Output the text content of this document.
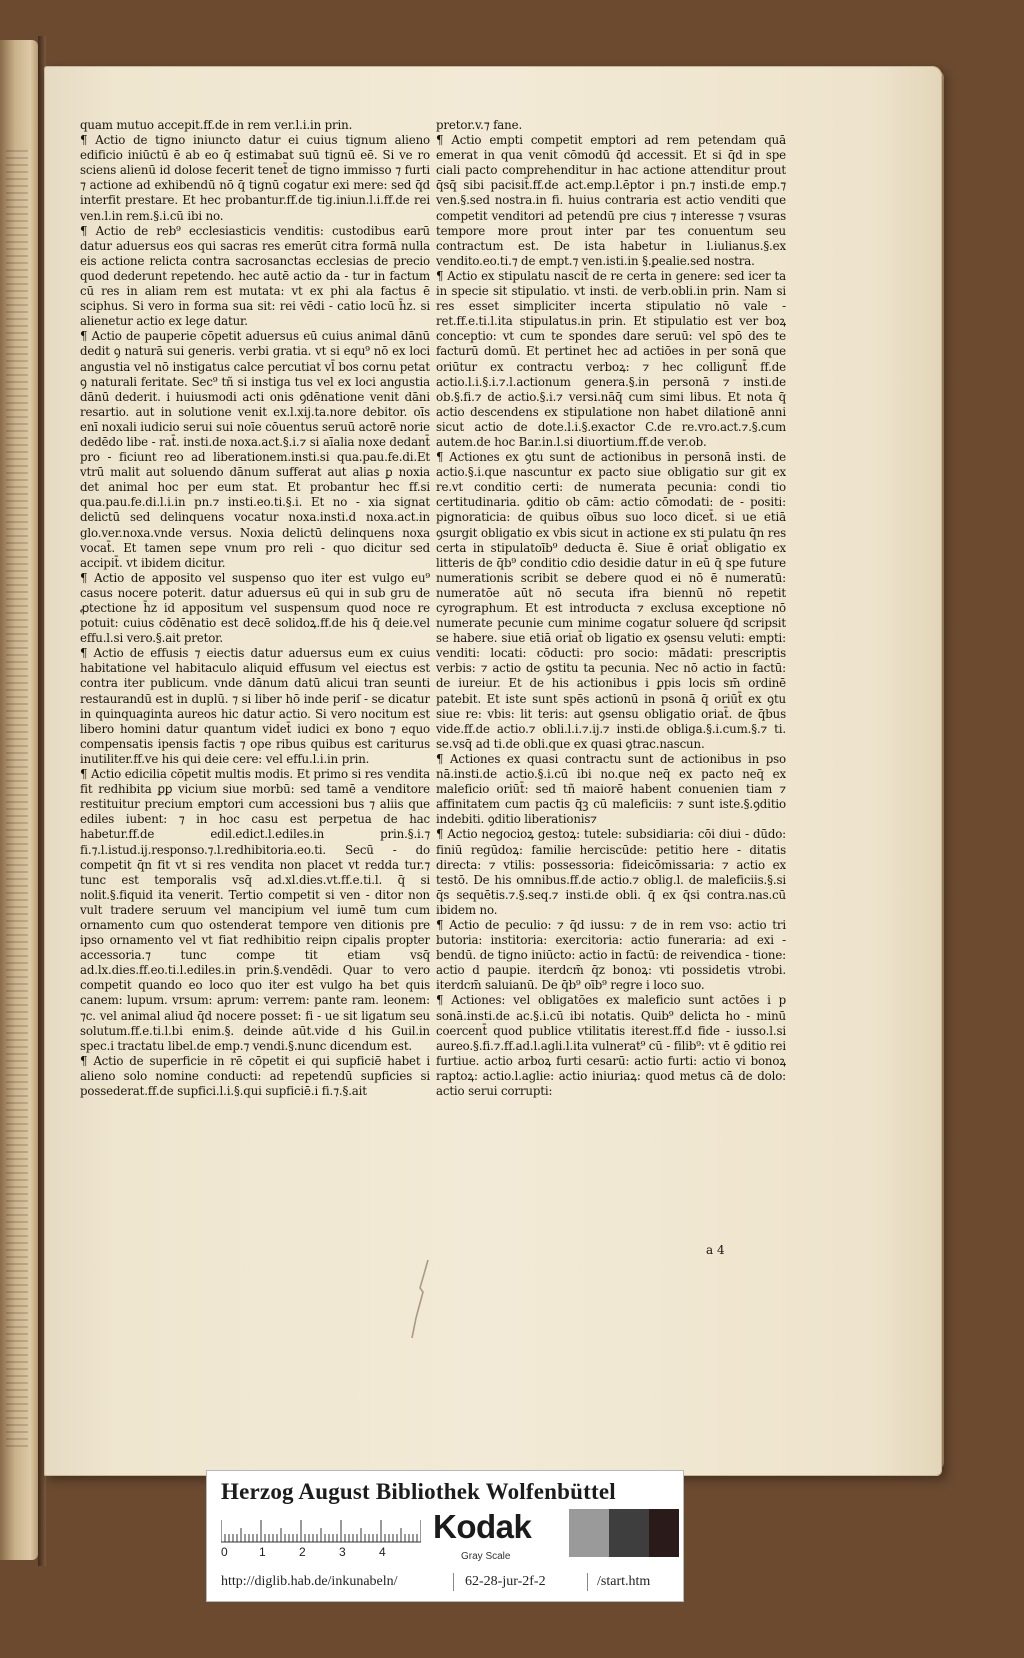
quam mutuo accepit.ff.de in rem ver.l.i.in prin.
¶ Actio de tigno iniuncto datur ei cuius tignum alieno edificio iniūctū ē ab eo q̄ estimabat suū tignū eē. Si ve ro sciens alienū id dolose fecerit tenet̄ de tigno immisso ⁊ furti ⁊ actione ad exhibendū nō q̄ tignū cogatur exi mere: sed q̄d interfit prestare. Et hec probantur.ff.de tig.iniun.l.i.ff.de rei ven.l.in rem.§.i.cū ibi no.
¶ Actio de reb⁹ ecclesiasticis venditis: custodibus earū datur aduersus eos qui sacras res emerūt citra formā nulla eis actione relicta contra sacrosanctas ecclesias de precio quod dederunt repetendo. hec autē actio da - tur in factum cū res in aliam rem est mutata: vt ex phi ala factus ē sciphus. Si vero in forma sua sit: rei vēdi - catio locū h̄z. si alienetur actio ex lege datur.
¶ Actio de pauperie cōpetit aduersus eū cuius animal dānū dedit ꝯ naturā sui generis. verbi gratia. vt si equ⁹ nō ex loci angustia vel nō instigatus calce percutiat vl̄ bos cornu petat ꝯ naturali feritate. Sec⁹ tñ si instiga tus vel ex loci angustia dānū dederit. i huiusmodi acti onis ꝯdēnatione venit dāni resartio. aut in solutione venit ex.l.xij.ta.nore debitor. oīs enī noxali iudicio serui sui noīe cōuentus seruū actorē norie dedēdo libe - rat̄. insti.de noxa.act.§.i.⁊ si aīalia noxe dedant̄ pro - ficiunt reo ad liberationem.insti.si qua.pau.fe.di.Et vtrū malit aut soluendo dānum sufferat aut alias ꝑ noxia det animal hoc per eum stat. Et probantur hec ff.si qua.pau.fe.di.l.i.in pn.⁊ insti.eo.ti.§.i. Et no - xia signat delictū sed delinquens vocatur noxa.insti.d noxa.act.in glo.ver.noxa.vnde versus. Noxia delictū delinquens noxa vocat̄. Et tamen sepe vnum pro reli - quo dicitur sed accipit̄. vt ibidem dicitur.
¶ Actio de apposito vel suspenso quo iter est vulgo eu⁹ casus nocere poterit. datur aduersus eū qui in sub gru de ꝓtectione h̄z id appositum vel suspensum quod noce re potuit: cuius cōdēnatio est decē solidoꝝ.ff.de his q̄ deie.vel effu.l.si vero.§.ait pretor.
¶ Actio de effusis ⁊ eiectis datur aduersus eum ex cuius habitatione vel habitaculo aliquid effusum vel eiectus est contra iter publicum. vnde dānum datū alicui tran seunti restaurandū est in duplū. ⁊ si liber hō inde periſ - se dicatur in quinquaginta aureos hic datur actio. Si vero nocitum est libero homini datur quantum videt̄ iudici ex bono ⁊ equo compensatis ipensis factis ⁊ ope ribus quibus est cariturus inutiliter.ff.ve his qui deie cere: vel effu.l.i.in prin.
¶ Actio edicilia cōpetit multis modis. Et primo si res vendita fit redhibita ꝑꝑ vicium siue morbū: sed tamē a venditore restituitur precium emptori cum accessioni bus ⁊ aliis que ediles iubent: ⁊ in hoc casu est perpetua de hac habetur.ff.de edil.edict.l.ediles.in prin.§.i.⁊ fi.⁊.l.istud.ij.responso.⁊.l.redhibitoria.eo.ti. Secū - do competit q̄n fit vt si res vendita non placet vt redda tur.⁊ tunc est temporalis vsq̄ ad.xl.dies.vt.ff.e.ti.l. q̄ si nolit.§.fiquid ita venerit. Tertio competit si ven - ditor non vult tradere seruum vel mancipium vel iumē tum cum ornamento cum quo ostenderat tempore ven ditionis pre ipso ornamento vel vt fiat redhibitio reipn cipalis propter accessoria.⁊ tunc compe tit etiam vsq̄ ad.lx.dies.ff.eo.ti.l.ediles.in prin.§.vendēdi. Quar to vero competit quando eo loco quo iter est vulgo ha bet quis canem: lupum. vrsum: aprum: verrem: pante ram. leonem: ⁊c. vel animal aliud q̄d nocere posset: fi - ue sit ligatum seu solutum.ff.e.ti.l.bi enim.§. deinde aūt.vide d his Guil.in spec.i tractatu libel.de emp.⁊ vendi.§.nunc dicendum est.
¶ Actio de superficie in rē cōpetit ei qui supficiē habet i alieno solo nomine conducti: ad repetendū supficies si possederat.ff.de supfici.l.i.§.qui supficiē.i fi.⁊.§.ait
pretor.v.⁊ fane.
¶ Actio empti competit emptori ad rem petendam quā emerat in qua venit cōmodū q̄d accessit. Et si q̄d in spe ciali pacto comprehenditur in hac actione attenditur prout q̄sq̄ sibi pacisit̄.ff.de act.emp.l.ēptor i pn.⁊ insti.de emp.⁊ ven.§.sed nostra.in fi. huius contraria est actio venditi que competit venditori ad petendū pre cius ⁊ interesse ⁊ vsuras tempore more prout inter par tes conuentum seu contractum est. De ista habetur in l.iulianus.§.ex vendito.eo.ti.⁊ de empt.⁊ ven.isti.in §.ꝑealie.sed nostra.
¶ Actio ex stipulatu nascit̄ de re certa in genere: sed icer ta in specie sit stipulatio. vt insti. de verb.obli.in prin. Nam si res esset simpliciter incerta stipulatio nō vale - ret.ff.e.ti.l.ita stipulatus.in prin. Et stipulatio est ver boꝝ conceptio: vt cum te spondes dare seruū: vel spō des te facturū domū. Et pertinet hec ad actiōes in per sonā que oriūtur ex contractu verboꝝ: ⁊ hec colligunt̄ ff.de actio.l.i.§.i.⁊.l.actionum genera.§.in personā ⁊ insti.de ob.§.fi.⁊ de actio.§.i.⁊ versi.nāq̄ cum simi libus. Et nota q̄ actio descendens ex stipulatione non habet dilationē anni sicut actio de dote.l.i.§.exactor C.de re.vro.act.⁊.§.cum autem.de hoc Bar.in.l.si diuortium.ff.de ver.ob.
¶ Actiones ex ꝯtu sunt de actionibus in personā insti. de actio.§.i.que nascuntur ex pacto siue obligatio sur git ex re.vt conditio certi: de numerata pecunia: condi tio certitudinaria. ꝯditio ob cām: actio cōmodati: de - positi: pignoraticia: de quibus oībus suo loco dicet̄. si ue etiā ꝯsurgit obligatio ex vbis sicut in actione ex sti pulatu q̄n res certa in stipulatoīb⁹ deducta ē. Siue ē oriat̄ obligatio ex litteris de q̄b⁹ conditio cdio desidie datur in eū q̄ spe future numerationis scribit se debere quod ei nō ē numeratū: numeratōe aūt nō secuta ifra biennū nō repetit cyrographum. Et est introducta ⁊ exclusa exceptione nō numerate pecunie cum minime cogatur soluere q̄d scripsit se habere. siue etiā oriat̄ ob ligatio ex ꝯsensu veluti: empti: venditi: locati: cōducti: pro socio: mādati: prescriptis verbis: ⁊ actio de ꝯstitu ta pecunia. Nec nō actio in factū: de iureiur. Et de his actionibus i ꝑpis locis sm̄ ordinē patebit. Et iste sunt spēs actionū in psonā q̄ oriūt̄ ex ꝯtu siue re: vbis: lit teris: aut ꝯsensu obligatio oriat̄. de q̄bus vide.ff.de actio.⁊ obli.l.i.⁊.ij.⁊ insti.de obliga.§.i.cum.§.⁊ ti. se.vsq̄ ad ti.de obli.que ex quasi ꝯtrac.nascun.
¶ Actiones ex quasi contractu sunt de actionibus in pso nā.insti.de actio.§.i.cū ibi no.que neq̄ ex pacto neq̄ ex maleficio oriūt̄: sed tñ maiorē habent conuenien tiam ⁊ affinitatem cum pactis q̄ꝫ cū maleficiis: ⁊ sunt iste.§.ꝯditio indebiti. ꝯditio liberationis⁊
¶ Actio negocioꝝ gestoꝝ: tutele: subsidiaria: cōi diui - dūdo: finiū regūdoꝝ: familie herciscūde: petitio here - ditatis directa: ⁊ vtilis: possessoria: fideicōmissaria: ⁊ actio ex testō. De his omnibus.ff.de actio.⁊ oblig.l. de maleficiis.§.si q̄s sequētis.⁊.§.seq.⁊ insti.de obli. q̄ ex q̄si contra.nas.cū ibidem no.
¶ Actio de peculio: ⁊ q̄d iussu: ⁊ de in rem vso: actio tri butoria: institoria: exercitoria: actio funeraria: ad exi - bendū. de tigno iniūcto: actio in factū: de reivendica - tione: actio d paupie. iterdcm̄ q̄z bonoꝝ: vti possidetis vtrobi. iterdcm̄ saluianū. De q̄b⁹ oīb⁹ regre i loco suo.
¶ Actiones: vel obligatōes ex maleficio sunt actōes i p sonā.insti.de ac.§.i.cū ibi notatis. Quib⁹ delicta ho - minū coercent̄ quod publice vtilitatis iterest.ff.d fide - iusso.l.si aureo.§.fi.⁊.ff.ad.l.agli.l.ita vulnerat⁹ cū - filib⁹: vt ē ꝯditio rei furtiue. actio arboꝝ furti cesarū: actio furti: actio vi bonoꝝ raptoꝝ: actio.l.aglie: actio iniuriaꝝ: quod metus cā de dolo: actio serui corrupti:
a 4
Herzog August Bibliothek Wolfenbüttel
0	1	2	3	4
Kodak
Gray Scale
http://diglib.hab.de/inkunabeln/	62-28-jur-2f-2	/start.htm
